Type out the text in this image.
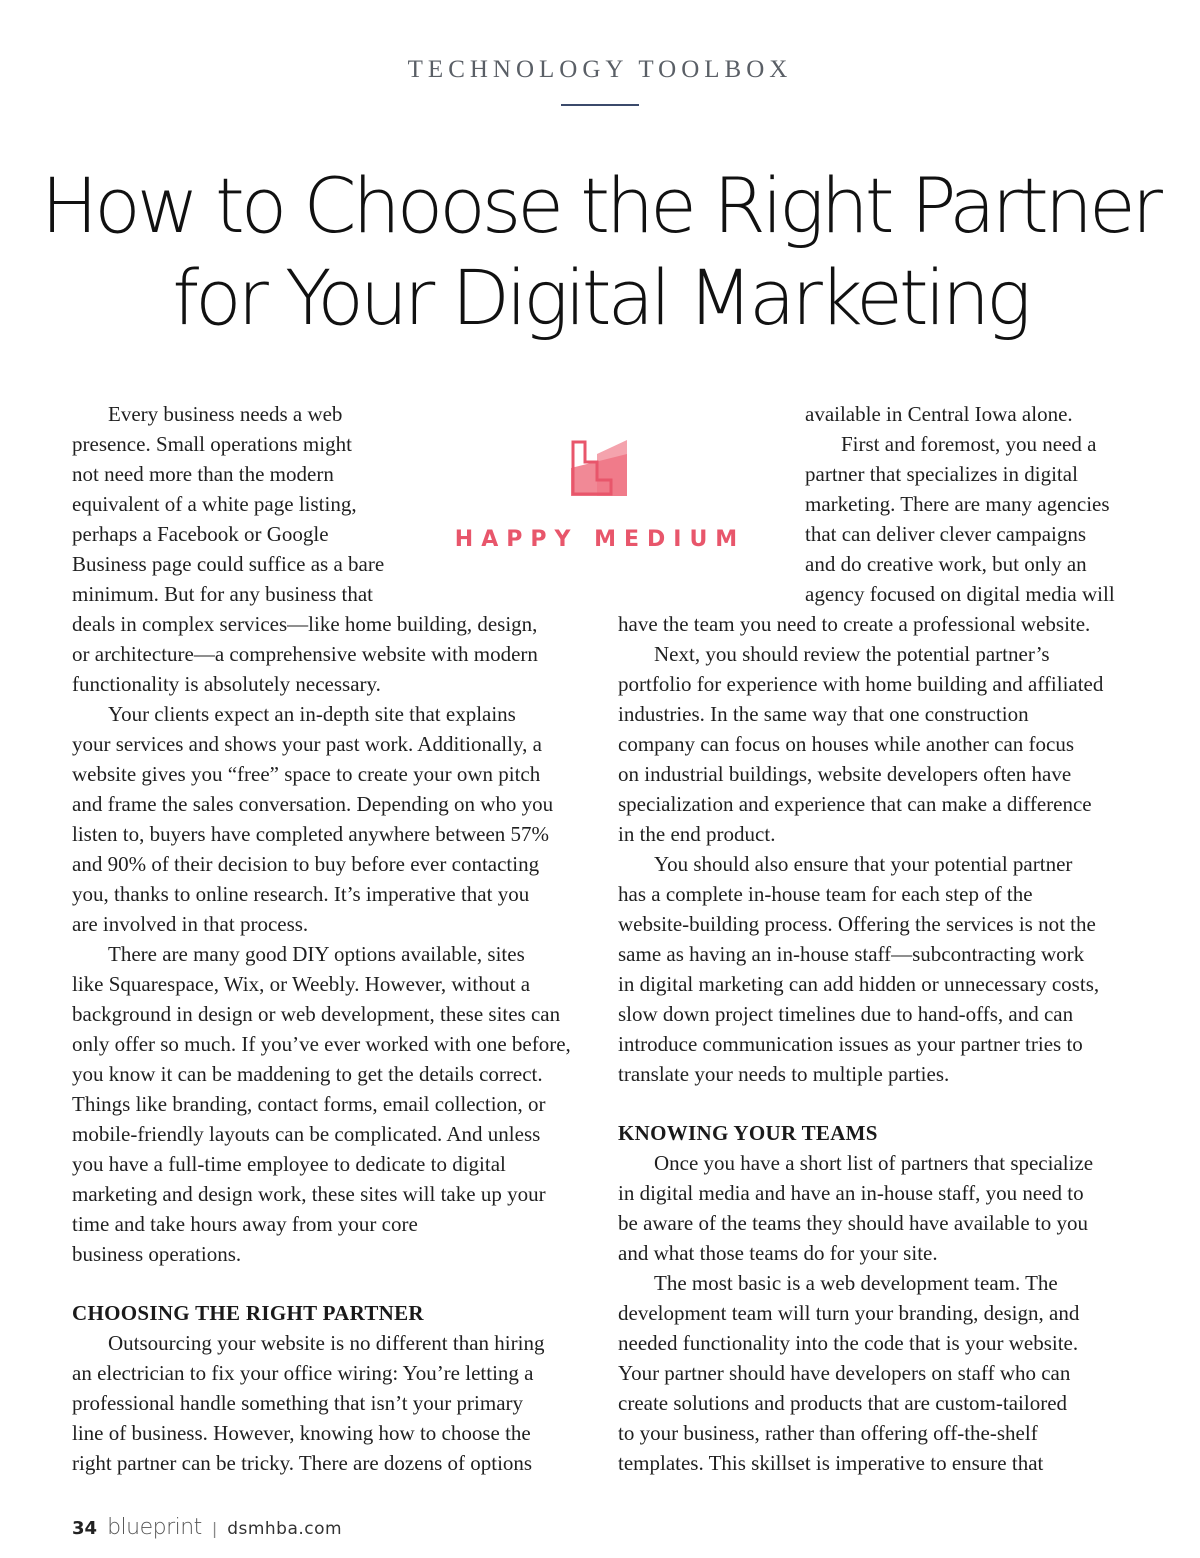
TECHNOLOGY TOOLBOX
How to Choose the Right Partner
for Your Digital Marketing
HAPPY MEDIUM
Every business needs a web
presence. Small operations might
not need more than the modern
equivalent of a white page listing,
perhaps a Facebook or Google
Business page could suffice as a bare
minimum. But for any business that
deals in complex services—like home building, design,
or architecture—a comprehensive website with modern
functionality is absolutely necessary.
Your clients expect an in-depth site that explains
your services and shows your past work. Additionally, a
website gives you “free” space to create your own pitch
and frame the sales conversation. Depending on who you
listen to, buyers have completed anywhere between 57%
and 90% of their decision to buy before ever contacting
you, thanks to online research. It’s imperative that you
are involved in that process.
There are many good DIY options available, sites
like Squarespace, Wix, or Weebly. However, without a
background in design or web development, these sites can
only offer so much. If you’ve ever worked with one before,
you know it can be maddening to get the details correct.
Things like branding, contact forms, email collection, or
mobile-friendly layouts can be complicated. And unless
you have a full-time employee to dedicate to digital
marketing and design work, these sites will take up your
time and take hours away from your core
business operations.
CHOOSING THE RIGHT PARTNER
Outsourcing your website is no different than hiring
an electrician to fix your office wiring: You’re letting a
professional handle something that isn’t your primary
line of business. However, knowing how to choose the
right partner can be tricky. There are dozens of options
available in Central Iowa alone.
First and foremost, you need a
partner that specializes in digital
marketing. There are many agencies
that can deliver clever campaigns
and do creative work, but only an
agency focused on digital media will
have the team you need to create a professional website.
Next, you should review the potential partner’s
portfolio for experience with home building and affiliated
industries. In the same way that one construction
company can focus on houses while another can focus
on industrial buildings, website developers often have
specialization and experience that can make a difference
in the end product.
You should also ensure that your potential partner
has a complete in-house team for each step of the
website-building process. Offering the services is not the
same as having an in-house staff—subcontracting work
in digital marketing can add hidden or unnecessary costs,
slow down project timelines due to hand-offs, and can
introduce communication issues as your partner tries to
translate your needs to multiple parties.
KNOWING YOUR TEAMS
Once you have a short list of partners that specialize
in digital media and have an in-house staff, you need to
be aware of the teams they should have available to you
and what those teams do for your site.
The most basic is a web development team. The
development team will turn your branding, design, and
needed functionality into the code that is your website.
Your partner should have developers on staff who can
create solutions and products that are custom-tailored
to your business, rather than offering off-the-shelf
templates. This skillset is imperative to ensure that
34 blueprint | dsmhba.com
